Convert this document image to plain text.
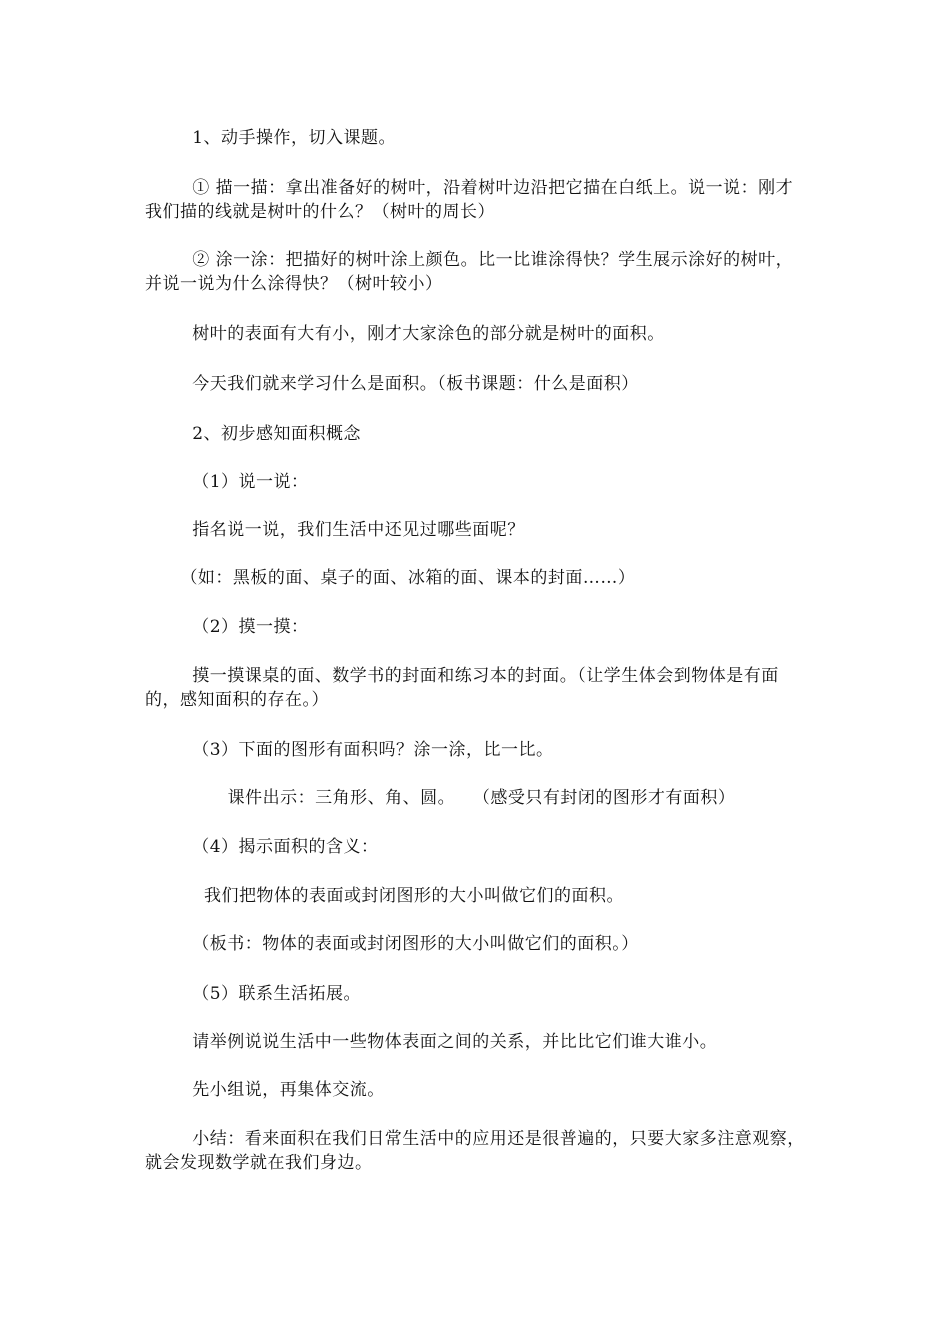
1、动手操作，切入课题。

① 描一描：拿出准备好的树叶，沿着树叶边沿把它描在白纸上。说一说：刚才我们描的线就是树叶的什么？（树叶的周长）

② 涂一涂：把描好的树叶涂上颜色。比一比谁涂得快？学生展示涂好的树叶，并说一说为什么涂得快？（树叶较小）

树叶的表面有大有小，刚才大家涂色的部分就是树叶的面积。

今天我们就来学习什么是面积。（板书课题：什么是面积）

2、初步感知面积概念

（1）说一说：

指名说一说，我们生活中还见过哪些面呢？

（如：黑板的面、桌子的面、冰箱的面、课本的封面……）

（2）摸一摸：

摸一摸课桌的面、数学书的封面和练习本的封面。（让学生体会到物体是有面的，感知面积的存在。）

（3）下面的图形有面积吗？涂一涂，比一比。

课件出示：三角形、角、圆。   （感受只有封闭的图形才有面积）

（4）揭示面积的含义：

我们把物体的表面或封闭图形的大小叫做它们的面积。

（板书：物体的表面或封闭图形的大小叫做它们的面积。）

（5）联系生活拓展。

请举例说说生活中一些物体表面之间的关系，并比比它们谁大谁小。

先小组说，再集体交流。

小结：看来面积在我们日常生活中的应用还是很普遍的，只要大家多注意观察，就会发现数学就在我们身边。
